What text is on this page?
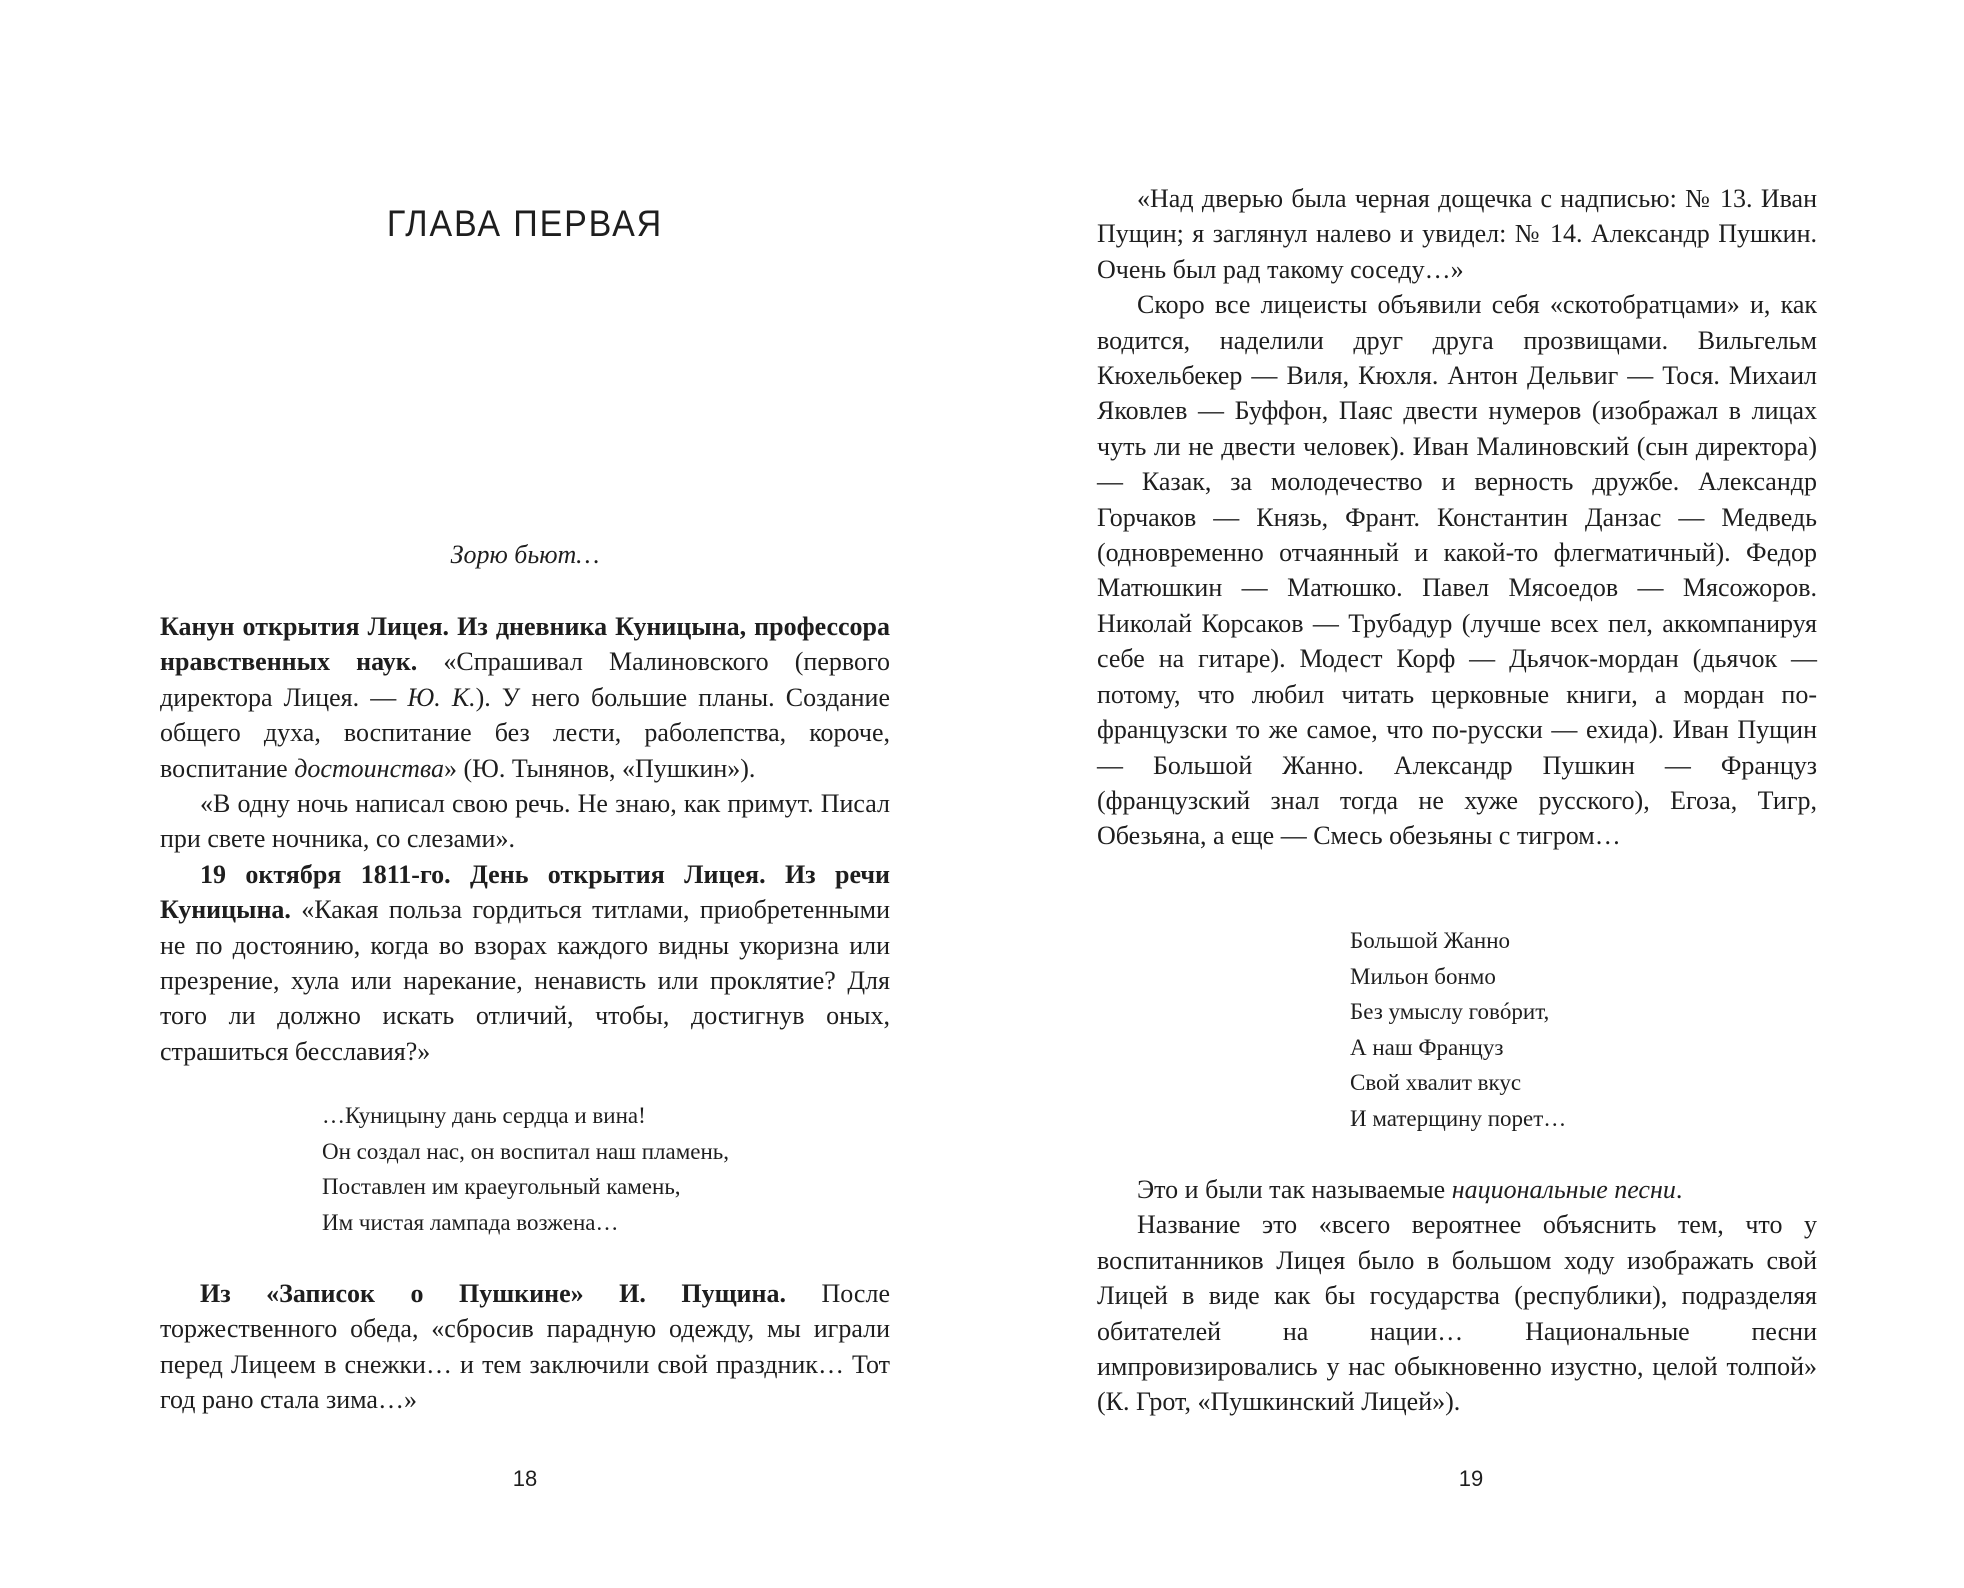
ГЛАВА ПЕРВАЯ
Зорю бьют…

Канун открытия Лицея. Из дневника Куницына, профессора нравственных наук. «Спрашивал Малиновского (первого директора Лицея. — Ю. К.). У него большие планы. Создание общего духа, воспитание без лести, раболепства, короче, воспитание достоинства» (Ю. Тынянов, «Пушкин»).

«В одну ночь написал свою речь. Не знаю, как примут. Писал при свете ночника, со слезами».

19 октября 1811-го. День открытия Лицея. Из речи Куницына. «Какая польза гордиться титлами, приобретенными не по достоянию, когда во взорах каждого видны укоризна или презрение, хула или нарекание, ненависть или проклятие? Для того ли должно искать отличий, чтобы, достигнув оных, страшиться бесславия?»

…Куницыну дань сердца и вина!
Он создал нас, он воспитал наш пламень,
Поставлен им краеугольный камень,
Им чистая лампада возжена…

Из «Записок о Пушкине» И. Пущина. После торжественного обеда, «сбросив парадную одежду, мы играли перед Лицеем в снежки… и тем заключили свой праздник… Тот год рано стала зима…»

18

«Над дверью была черная дощечка с надписью: № 13. Иван Пущин; я заглянул налево и увидел: № 14. Александр Пушкин. Очень был рад такому соседу…»

Скоро все лицеисты объявили себя «скотобратцами» и, как водится, наделили друг друга прозвищами. Вильгельм Кюхельбекер — Виля, Кюхля. Антон Дельвиг — Тося. Михаил Яковлев — Буффон, Паяс двести нумеров (изображал в лицах чуть ли не двести человек). Иван Малиновский (сын директора) — Казак, за молодечество и верность дружбе. Александр Горчаков — Князь, Франт. Константин Данзас — Медведь (одновременно отчаянный и какой-то флегматичный). Федор Матюшкин — Матюшко. Павел Мясоедов — Мясожоров. Николай Корсаков — Трубадур (лучше всех пел, аккомпанируя себе на гитаре). Модест Корф — Дьячок-мордан (дьячок — потому, что любил читать церковные книги, а мордан по-французски то же самое, что по-русски — ехида). Иван Пущин — Большой Жанно. Александр Пушкин — Француз (французский знал тогда не хуже русского), Егоза, Тигр, Обезьяна, а еще — Смесь обезьяны с тигром…

Большой Жанно
Мильон бонмо
Без умыслу говóрит,
А наш Француз
Свой хвалит вкус
И матерщину порет…

Это и были так называемые национальные песни.

Название это «всего вероятнее объяснить тем, что у воспитанников Лицея было в большом ходу изображать свой Лицей в виде как бы государства (республики), подразделяя обитателей на нации… Национальные песни импровизировались у нас обыкновенно изустно, целой толпой» (К. Грот, «Пушкинский Лицей»).

19
